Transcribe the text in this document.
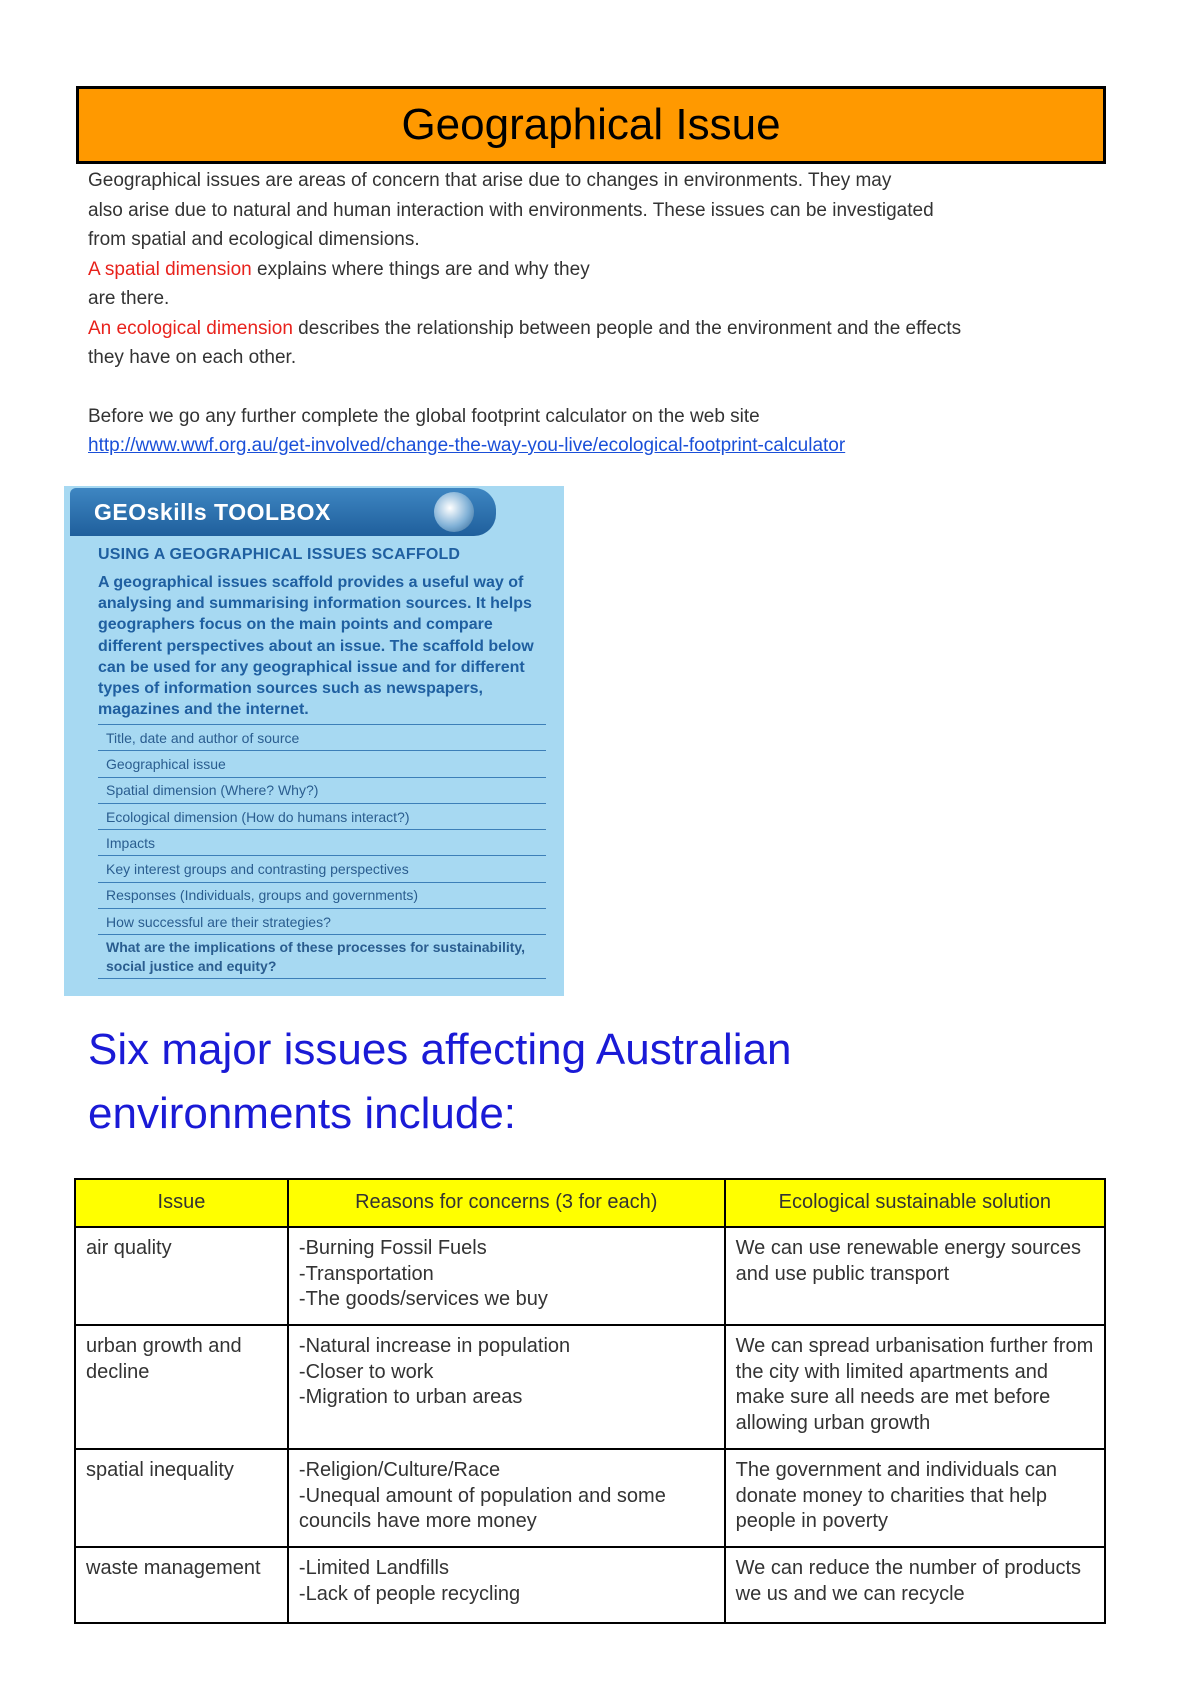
Geographical Issue

Geographical issues are areas of concern that arise due to changes in environments. They may

also arise due to natural and human interaction with environments. These issues can be investigated

from spatial and ecological dimensions.

A spatial dimension explains where things are and why they

are there.

An ecological dimension describes the relationship between people and the environment and the effects

they have on each other.

Before we go any further complete the global footprint calculator on the web site

http://www.wwf.org.au/get-involved/change-the-way-you-live/ecological-footprint-calculator

GEOskills TOOLBOX
USING A GEOGRAPHICAL ISSUES SCAFFOLD
A geographical issues scaffold provides a useful way of analysing and summarising information sources. It helps geographers focus on the main points and compare different perspectives about an issue. The scaffold below can be used for any geographical issue and for different types of information sources such as newspapers, magazines and the internet.
Title, date and author of source
Geographical issue
Spatial dimension (Where? Why?)
Ecological dimension (How do humans interact?)
Impacts
Key interest groups and contrasting perspectives
Responses (Individuals, groups and governments)
How successful are their strategies?
What are the implications of these processes for sustainability, social justice and equity?
Six major issues affecting Australian environments include:
Issue	Reasons for concerns (3 for each)	Ecological sustainable solution
air quality	-Burning Fossil Fuels
-Transportation
-The goods/services we buy	We can use renewable energy sources and use public transport
urban growth and decline	-Natural increase in population
-Closer to work
-Migration to urban areas	We can spread urbanisation further from the city with limited apartments and make sure all needs are met before allowing urban growth
spatial inequality	-Religion/Culture/Race
-Unequal amount of population and some councils have more money	The government and individuals can donate money to charities that help people in poverty
waste management	-Limited Landfills
-Lack of people recycling	We can reduce the number of products we us and we can recycle
